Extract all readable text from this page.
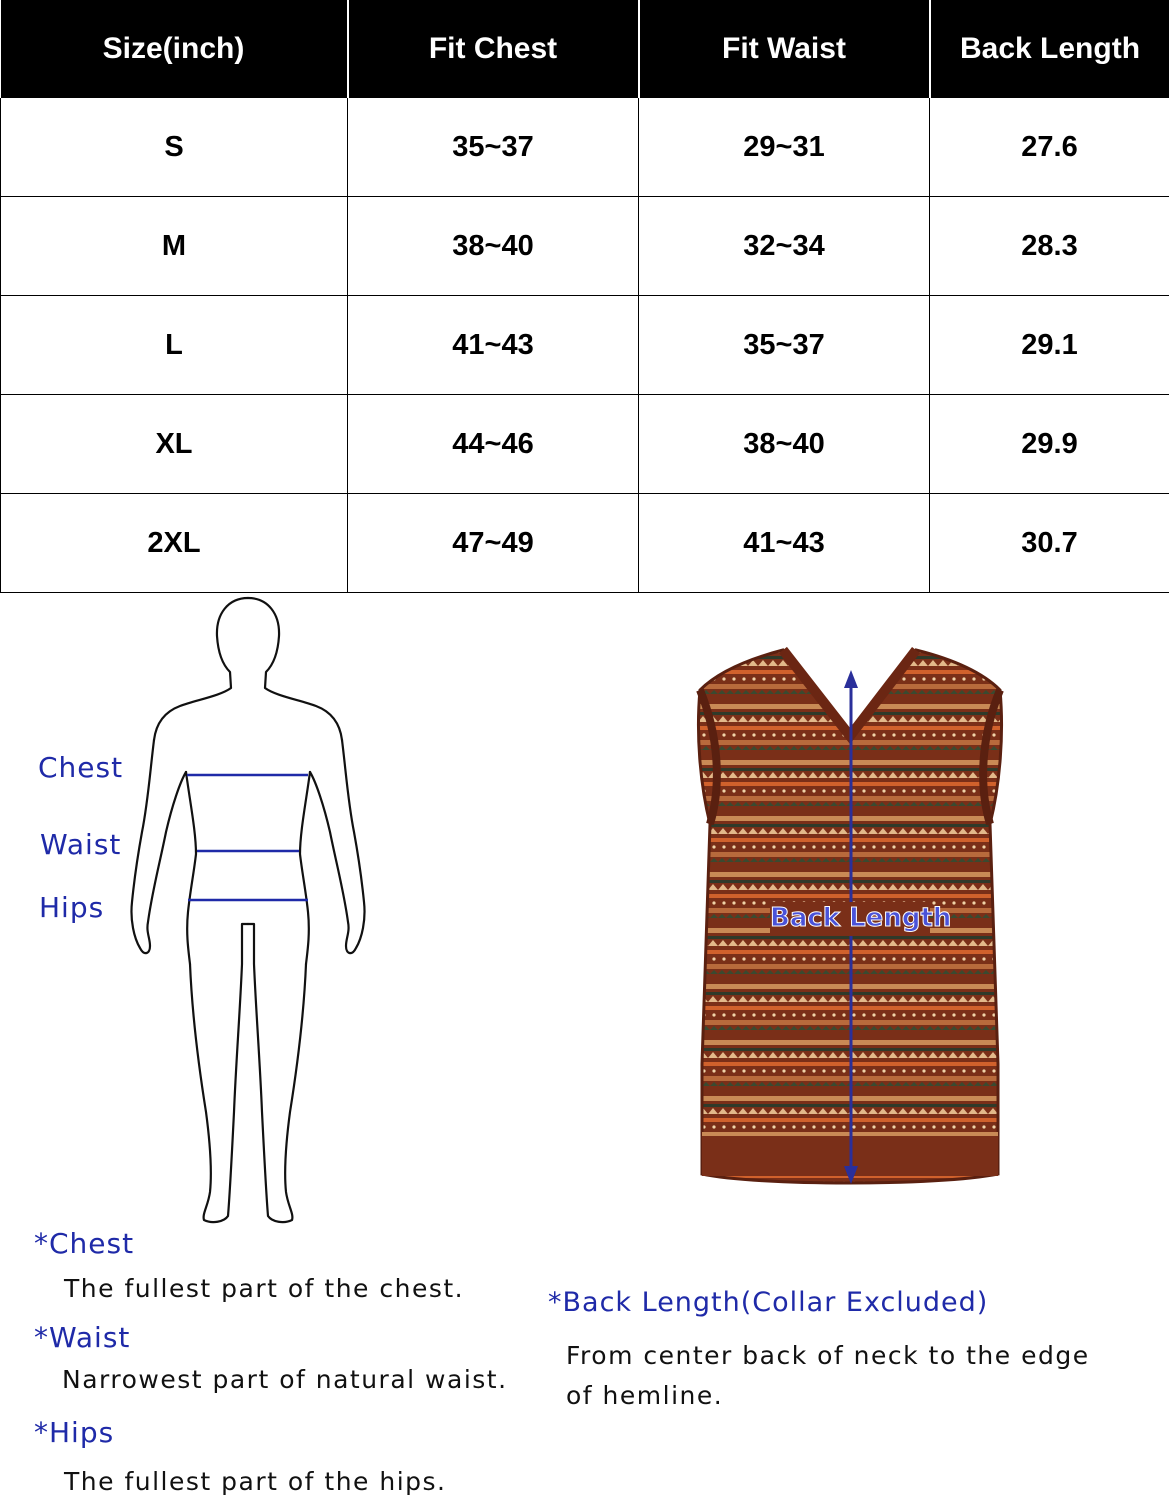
Size(inch)	Fit Chest	Fit Waist	Back Length
S	35~37	29~31	27.6
M	38~40	32~34	28.3
L	41~43	35~37	29.1
XL	44~46	38~40	29.9
2XL	47~49	41~43	30.7
Chest
Waist
Hips	Back Length
*Chest
The fullest part of the chest.
*Waist
Narrowest part of natural waist.
*Hips
The fullest part of the hips.
*Back Length(Collar Excluded)
From center back of neck to the edge
of hemline.
